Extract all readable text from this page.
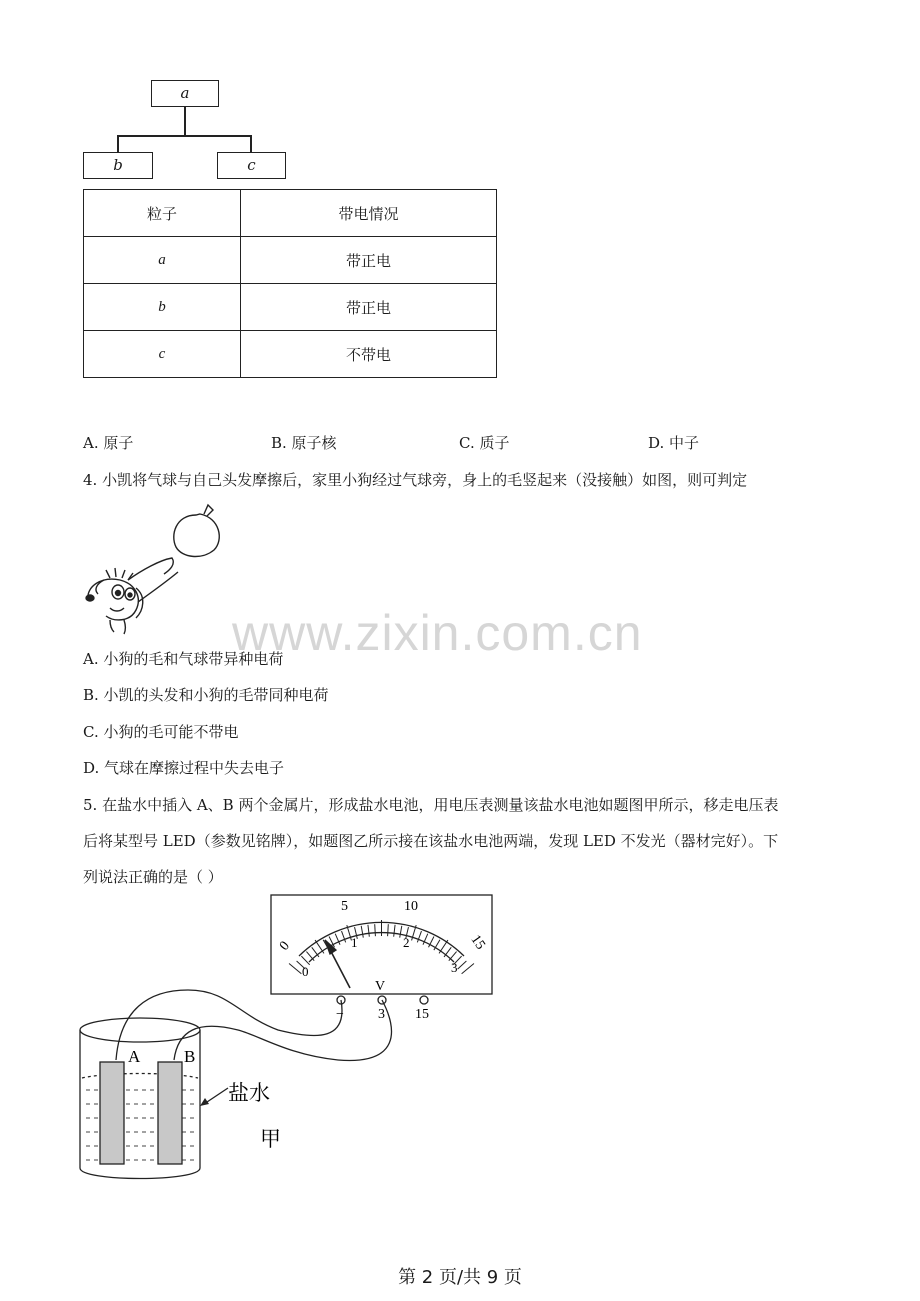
a
b	c
粒子	带电情况
a	带正电
b	带正电
c	不带电
A. 原子	B. 原子核	C. 质子	D. 中子
4. 小凯将气球与自己头发摩擦后，家里小狗经过气球旁，身上的毛竖起来（没接触）如图，则可判定
A. 小狗的毛和气球带异种电荷
B. 小凯的头发和小狗的毛带同种电荷
C. 小狗的毛可能不带电
D. 气球在摩擦过程中失去电子
www.zixin.com.cn
5. 在盐水中插入 A、B 两个金属片，形成盐水电池，用电压表测量该盐水电池如题图甲所示，移走电压表
后将某型号 LED（参数见铭牌），如题图乙所示接在该盐水电池两端，发现 LED 不发光（器材完好）。下
列说法正确的是（ ）
0
5	10
15
0
1	2
3
V
− 3 15
A	B
盐水
甲
第 2 页/共 9 页
